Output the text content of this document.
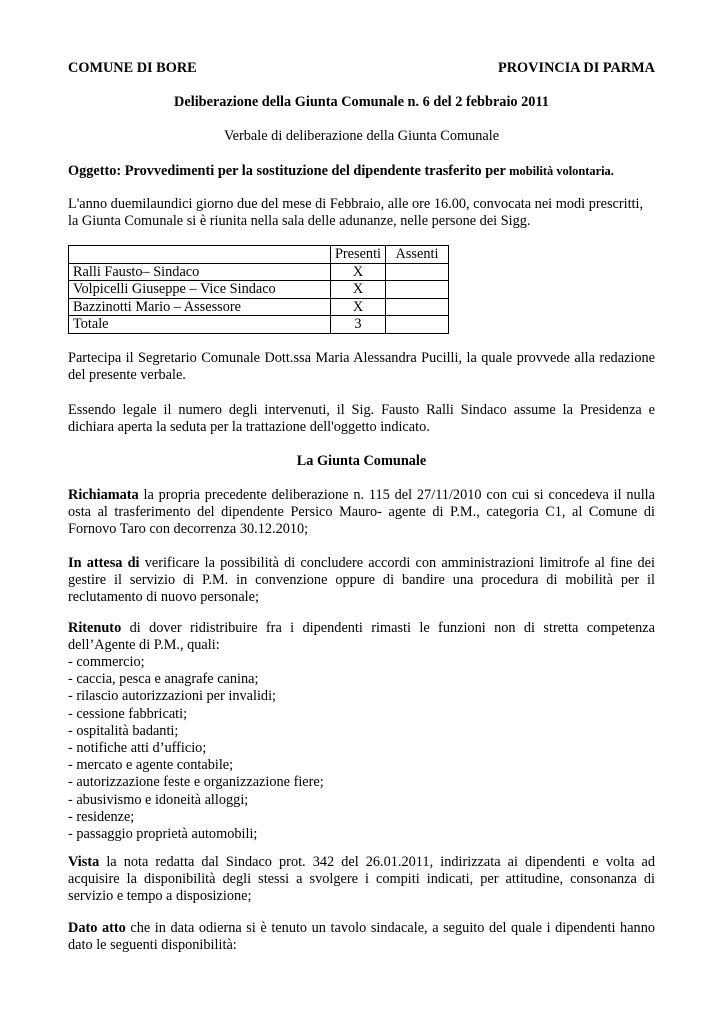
COMUNE DI BORE	PROVINCIA DI PARMA
Deliberazione della Giunta Comunale n. 6 del 2 febbraio 2011
Verbale di deliberazione della Giunta Comunale
Oggetto: Provvedimenti per la sostituzione del dipendente trasferito per mobilità volontaria.
L'anno duemilaundici giorno due del mese di Febbraio, alle ore 16.00, convocata nei modi prescritti, la Giunta Comunale si è riunita nella sala delle adunanze, nelle persone dei Sigg.
	Presenti	Assenti
Ralli Fausto– Sindaco	X	
Volpicelli Giuseppe – Vice Sindaco	X	
Bazzinotti Mario – Assessore	X	
Totale	3	
Partecipa il Segretario Comunale Dott.ssa Maria Alessandra Pucilli, la quale provvede alla redazione del presente verbale.
Essendo legale il numero degli intervenuti, il Sig. Fausto Ralli Sindaco assume la Presidenza e dichiara aperta la seduta per la trattazione dell'oggetto indicato.
La Giunta Comunale
Richiamata la propria precedente deliberazione n. 115 del 27/11/2010 con cui si concedeva il nulla osta al trasferimento del dipendente Persico Mauro- agente di P.M., categoria C1, al Comune di Fornovo Taro con decorrenza 30.12.2010;
In attesa di verificare la possibilità di concludere accordi con amministrazioni limitrofe al fine dei gestire il servizio di P.M. in convenzione oppure di bandire una procedura di mobilità per il reclutamento di nuovo personale;
Ritenuto di dover ridistribuire fra i dipendenti rimasti le funzioni non di stretta competenza dell’Agente di P.M., quali:
- commercio;
- caccia, pesca e anagrafe canina;
- rilascio autorizzazioni per invalidi;
- cessione fabbricati;
- ospitalità badanti;
- notifiche atti d’ufficio;
- mercato e agente contabile;
- autorizzazione feste e organizzazione fiere;
- abusivismo e idoneità alloggi;
- residenze;
- passaggio proprietà automobili;
Vista la nota redatta dal Sindaco prot. 342 del 26.01.2011, indirizzata ai dipendenti e volta ad acquisire la disponibilità degli stessi a svolgere i compiti indicati, per attitudine, consonanza di servizio e tempo a disposizione;
Dato atto che in data odierna si è tenuto un tavolo sindacale, a seguito del quale i dipendenti hanno dato le seguenti disponibilità:
